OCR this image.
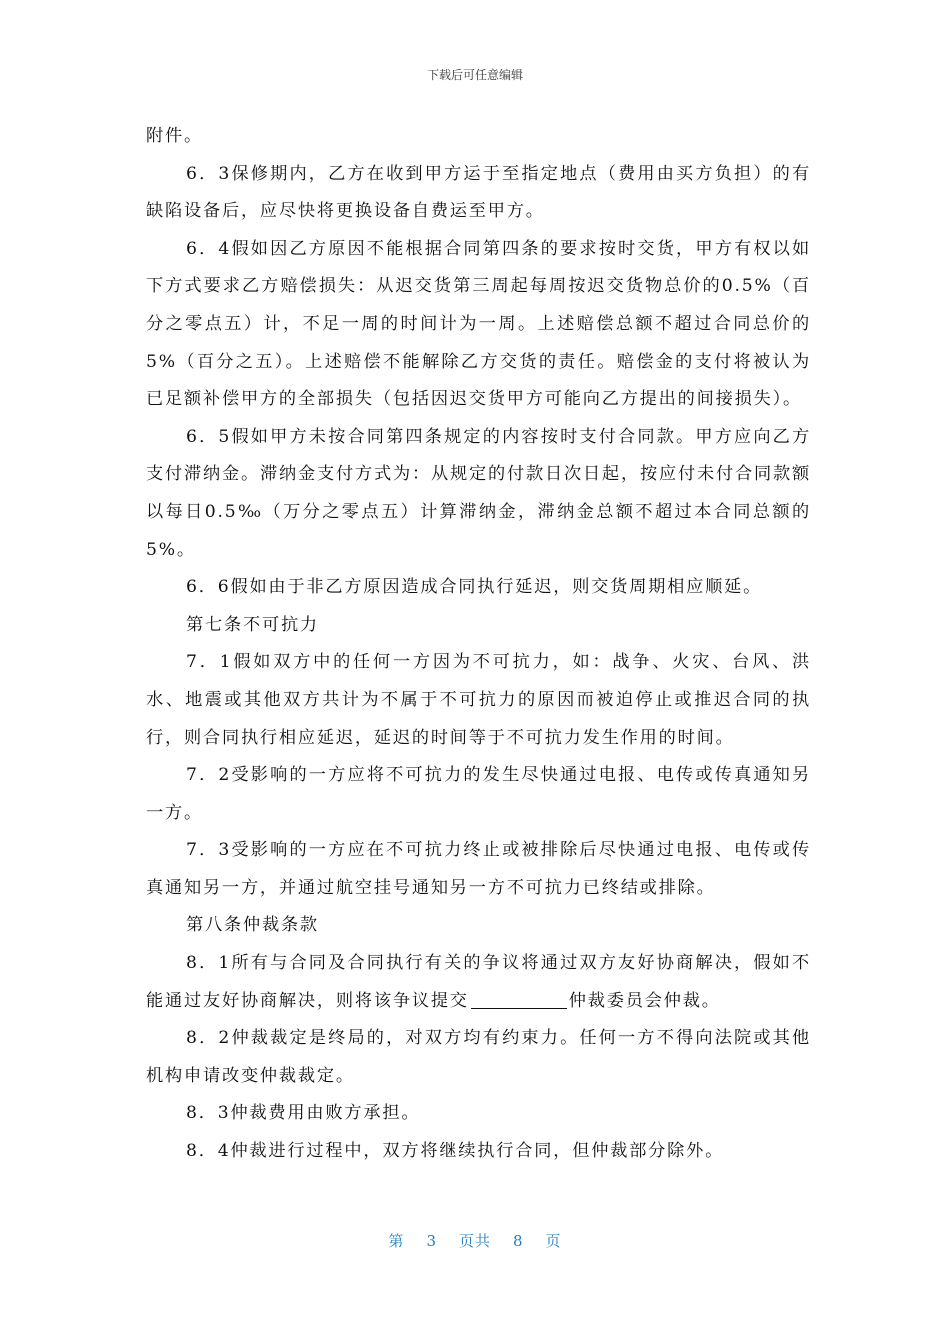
下载后可任意编辑

附件。

6．3保修期内，乙方在收到甲方运于至指定地点（费用由买方负担）的有缺陷设备后，应尽快将更换设备自费运至甲方。

6．4假如因乙方原因不能根据合同第四条的要求按时交货，甲方有权以如下方式要求乙方赔偿损失：从迟交货第三周起每周按迟交货物总价的0.5%（百分之零点五）计，不足一周的时间计为一周。上述赔偿总额不超过合同总价的5%（百分之五）。上述赔偿不能解除乙方交货的责任。赔偿金的支付将被认为已足额补偿甲方的全部损失（包括因迟交货甲方可能向乙方提出的间接损失）。

6．5假如甲方未按合同第四条规定的内容按时支付合同款。甲方应向乙方支付滞纳金。滞纳金支付方式为：从规定的付款日次日起，按应付未付合同款额以每日0.5‰（万分之零点五）计算滞纳金，滞纳金总额不超过本合同总额的5%。

6．6假如由于非乙方原因造成合同执行延迟，则交货周期相应顺延。

第七条不可抗力

7．1假如双方中的任何一方因为不可抗力，如：战争、火灾、台风、洪水、地震或其他双方共计为不属于不可抗力的原因而被迫停止或推迟合同的执行，则合同执行相应延迟，延迟的时间等于不可抗力发生作用的时间。

7．2受影响的一方应将不可抗力的发生尽快通过电报、电传或传真通知另一方。

7．3受影响的一方应在不可抗力终止或被排除后尽快通过电报、电传或传真通知另一方，并通过航空挂号通知另一方不可抗力已终结或排除。

第八条仲裁条款

8．1所有与合同及合同执行有关的争议将通过双方友好协商解决，假如不能通过友好协商解决，则将该争议提交	仲裁委员会仲裁。

8．2仲裁裁定是终局的，对双方均有约束力。任何一方不得向法院或其他机构申请改变仲裁裁定。

8．3仲裁费用由败方承担。

8．4仲裁进行过程中，双方将继续执行合同，但仲裁部分除外。

第 3 页共 8 页
